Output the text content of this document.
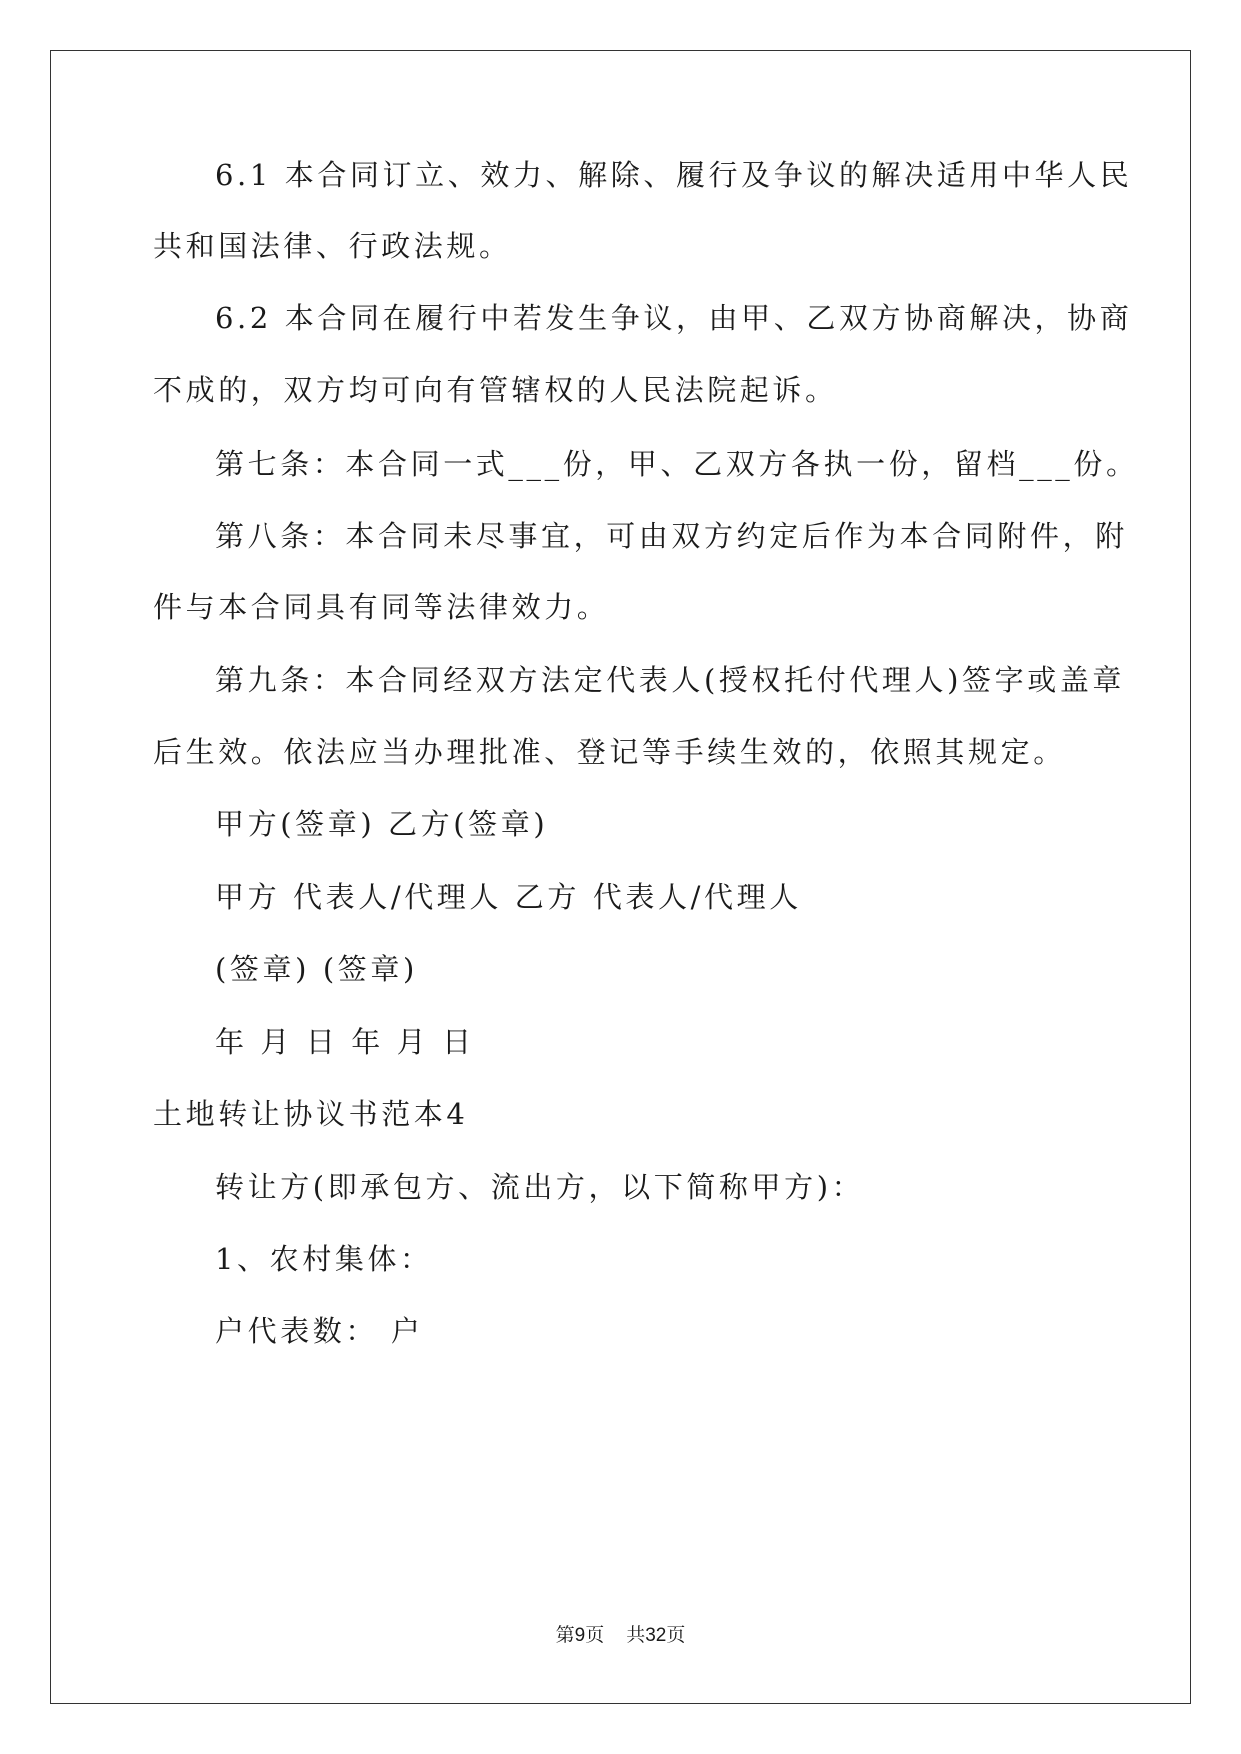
6.1 本合同订立、效力、解除、履行及争议的解决适用中华人民

共和国法律、行政法规。

6.2 本合同在履行中若发生争议，由甲、乙双方协商解决，协商

不成的，双方均可向有管辖权的人民法院起诉。

第七条：本合同一式___份，甲、乙双方各执一份，留档___份。

第八条：本合同未尽事宜，可由双方约定后作为本合同附件，附

件与本合同具有同等法律效力。

第九条：本合同经双方法定代表人(授权托付代理人)签字或盖章

后生效。依法应当办理批准、登记等手续生效的，依照其规定。

甲方(签章) 乙方(签章)

甲方 代表人/代理人 乙方 代表人/代理人

(签章) (签章)

年 月 日 年 月 日

土地转让协议书范本4

转让方(即承包方、流出方，以下简称甲方)：

1、农村集体：

户代表数： 户

第9页 共32页
